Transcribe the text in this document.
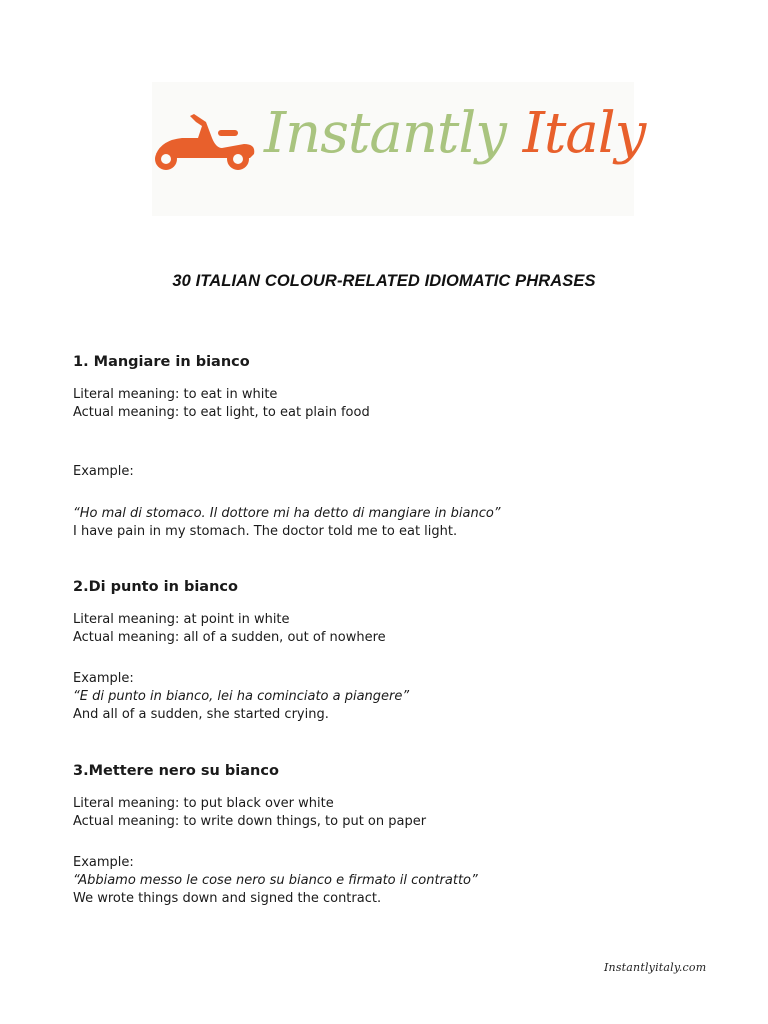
Instantly Italy
30 ITALIAN COLOUR-RELATED IDIOMATIC PHRASES

1. Mangiare in bianco

Literal meaning: to eat in white

Actual meaning: to eat light, to eat plain food

Example:

“Ho mal di stomaco. Il dottore mi ha detto di mangiare in bianco”

I have pain in my stomach. The doctor told me to eat light.

2.Di punto in bianco

Literal meaning: at point in white

Actual meaning: all of a sudden, out of nowhere

Example:

“E di punto in bianco, lei ha cominciato a piangere”

And all of a sudden, she started crying.

3.Mettere nero su bianco

Literal meaning: to put black over white

Actual meaning: to write down things, to put on paper

Example:

“Abbiamo messo le cose nero su bianco e firmato il contratto”

We wrote things down and signed the contract.

Instantlyitaly.com
